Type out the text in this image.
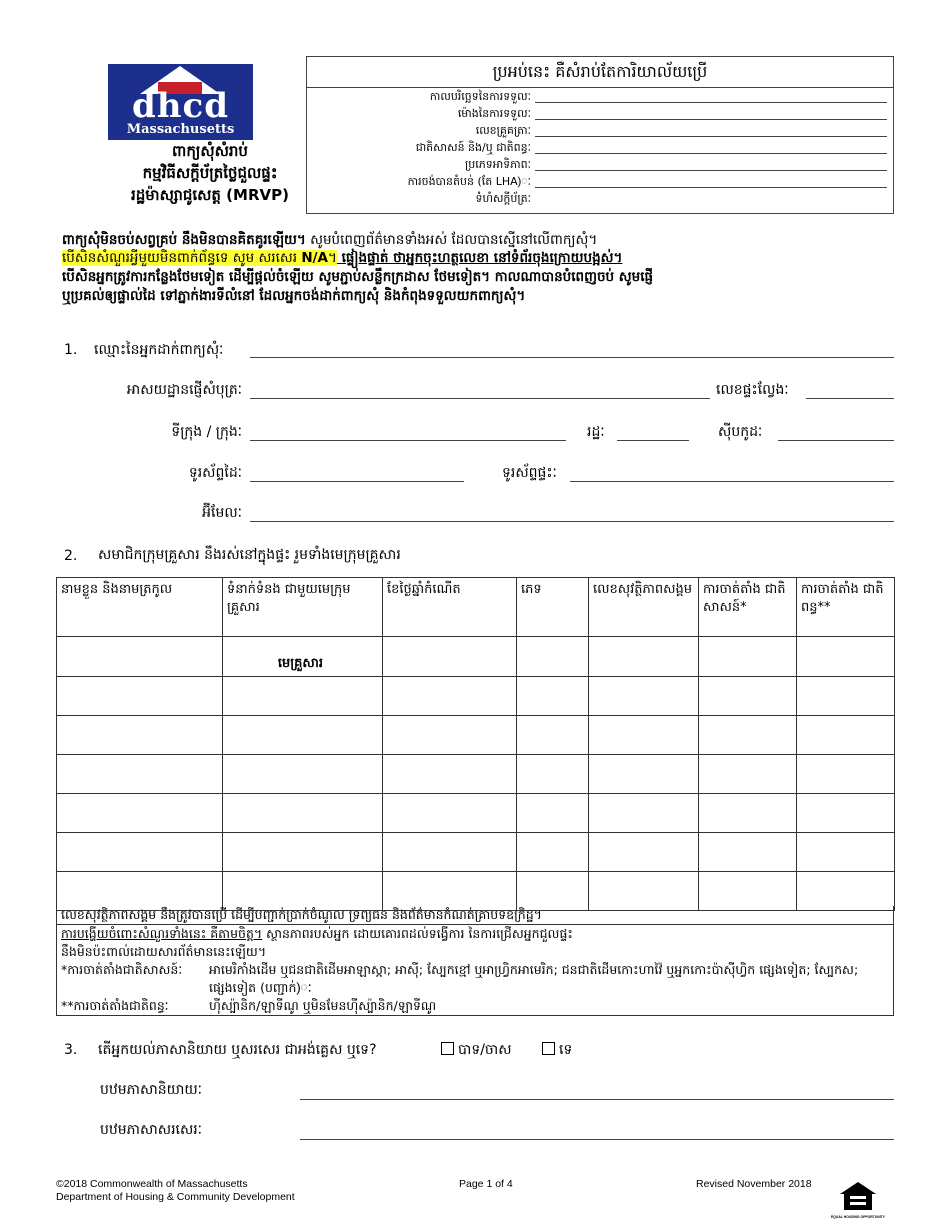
dhcd
Massachusetts
ពាក្យសុំសំរាប់
កម្មវិធីសក្ដីប័ត្រថ្លៃជួលផ្ទះ
រដ្ឋម៉ាស្សាជូសេត្ត (MRVP)
ប្រអប់នេះ គឺសំរាប់តែការិយាល័យប្រើ
កាលបរិច្ឆេទនៃការទទួលៈ
ម៉ោងនៃការទទួលៈ
លេខគ្រួគត្រាៈ
ជាតិសាសន៍ និង/ឬ ជាតិពន្ធៈ
ប្រភេទអាទិភាពៈ
ការចង់បានតំបន់ (តែ LHA)ៈ
ទំហំសក្ដីប័ត្រៈ
ពាក្យសុំមិនចប់សព្វគ្រប់ នឹងមិនបានគិតគូរឡើយ។ សូមបំពេញព័ត៌មានទាំងអស់ ដែលបានស្នើនៅលើពាក្យសុំ។
បើសិនសំណួរអ្វីមួយមិនពាក់ព័ន្ធទេ សូម សរសេរ N/A។ ផ្ទៀងផ្ទាត់ ថាអ្នកចុះហត្ថលេខា នៅទំព័រចុងក្រោយបង្អស់។
បើសិនអ្នកត្រូវការកន្លែងថែមទៀត ដើម្បីផ្ដល់ចំឡើយ សូមភ្ជាប់សន្លឹកក្រដាស ថែមទៀត។ កាលណាបានបំពេញចប់ សូមផ្ញើ
ឬប្រគល់ឲ្យផ្ទាល់ដៃ ទៅភ្នាក់ងារទីលំនៅ ដែលអ្នកចង់ដាក់ពាក្យសុំ និងកំពុងទទួលយកពាក្យសុំ។
1. ឈ្មោះនៃអ្នកដាក់ពាក្យសុំៈ
អាសយដ្ឋានផ្ញើសំបុត្រៈ	លេខផ្ទះល្វែងៈ
ទីក្រុង / ក្រុងៈ	រដ្ឋៈ	ស៊ីបកូដៈ
ទូរស័ព្ទដៃៈ	ទូរស័ព្ទផ្ទះៈ
អ៊ីមែលៈ
2. សមាជិកក្រុមគ្រួសារ នឹងរស់នៅក្នុងផ្ទះ រួមទាំងមេក្រុមគ្រួសារ
នាមខ្លួន និងនាមត្រកូល	ទំនាក់ទំនង ជាមួយមេក្រុមគ្រួសារ	ខែថ្ងៃឆ្នាំកំណើត	ភេទ	លេខសុវត្ថិភាពសង្គម	ការចាត់តាំង ជាតិសាសន៍*	ការចាត់តាំង ជាតិពន្ធ**
	មេគ្រួសារ					

លេខសុវត្ថិភាពសង្គម នឹងត្រូវបានប្រើ ដើម្បីបញ្ជាក់ប្រាក់ចំណូល ទ្រព្យធន និងព័ត៌មានកំណត់គ្រាបទឧក្រិដ្ឋ។
ការបង្ហើយចំពោះសំណួរទាំងនេះ គឺតាមចិត្ត។ ស្ថានភាពរបស់អ្នក ដោយគោរពដល់ទង្វើការ នៃការជ្រើសអ្នកជួលផ្ទះ
នឹងមិនប៉ះពាល់ដោយសារព័ត៌មាននេះឡើយ។
*ការចាត់តាំងជាតិសាសន៍ៈ អាមេរិកាំងដើម ឬជនជាតិដើមអាឡាស្កា; អាស៊ី; ស្បែកខ្មៅ ឬអាហ្វ្រិកអាមេរិក; ជនជាតិដើមកោះហាវ៉ៃ ឬអ្នកកោះប៉ាស៊ីហ្វិក ផ្សេងទៀត; ស្បែកស; ផ្សេងទៀត (បញ្ជាក់)ៈ
**ការចាត់តាំងជាតិពន្ធៈ	ហ៊ីស្ប៉ានិក/ឡាទីណូ ឬមិនមែនហ៊ីស្ប៉ានិក/ឡាទីណូ
3. តើអ្នកយល់ភាសានិយាយ ឬសរសេរ ជាអង់គ្លេស ឬទេ?	បាទ/ចាស	ទេ
បឋមភាសានិយាយៈ
បឋមភាសាសរសេរៈ
©2018 Commonwealth of Massachusetts
Department of Housing & Community Development
Page 1 of 4	Revised November 2018
EQUAL HOUSING OPPORTUNITY
